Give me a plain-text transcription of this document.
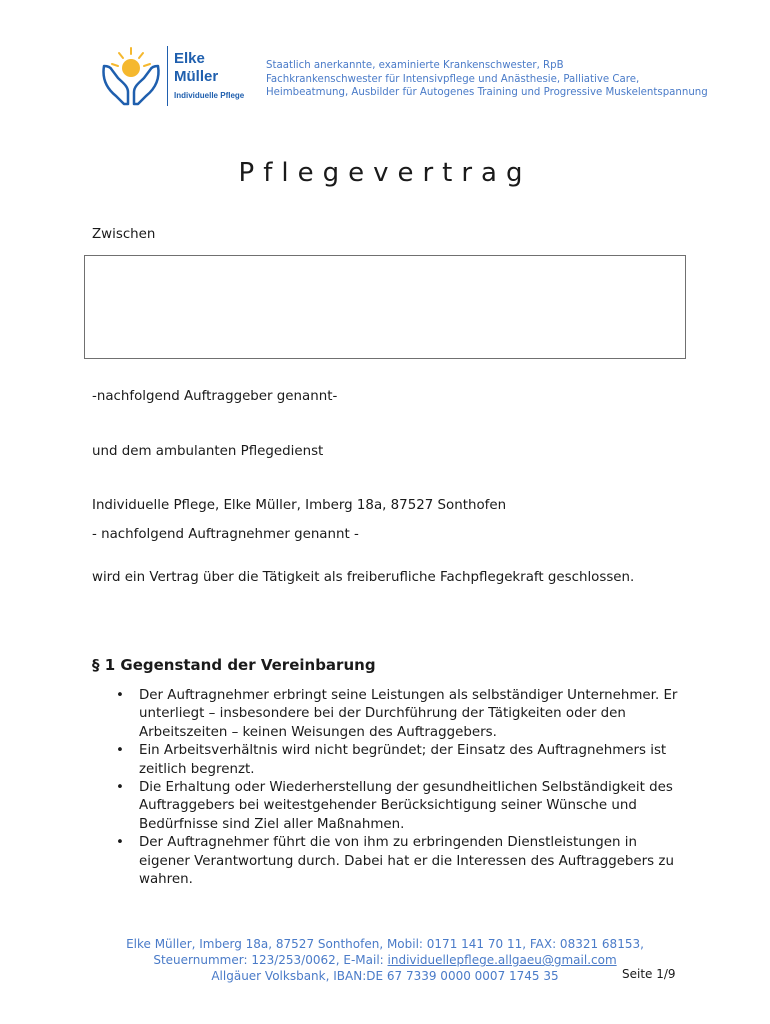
Elke
Müller
Individuelle Pflege
Staatlich anerkannte, examinierte Krankenschwester, RpB
Fachkrankenschwester für Intensivpflege und Anästhesie, Palliative Care,
Heimbeatmung, Ausbilder für Autogenes Training und Progressive Muskelentspannung
Pflegevertrag
Zwischen
-nachfolgend Auftraggeber genannt-
und dem ambulanten Pflegedienst
Individuelle Pflege, Elke Müller, Imberg 18a, 87527 Sonthofen
- nachfolgend Auftragnehmer genannt -
wird ein Vertrag über die Tätigkeit als freiberufliche Fachpflegekraft geschlossen.
§ 1 Gegenstand der Vereinbarung
• Der Auftragnehmer erbringt seine Leistungen als selbständiger Unternehmer. Er unterliegt – insbesondere bei der Durchführung der Tätigkeiten oder den Arbeitszeiten – keinen Weisungen des Auftraggebers.
• Ein Arbeitsverhältnis wird nicht begründet; der Einsatz des Auftragnehmers ist zeitlich begrenzt.
• Die Erhaltung oder Wiederherstellung der gesundheitlichen Selbständigkeit des Auftraggebers bei weitestgehender Berücksichtigung seiner Wünsche und Bedürfnisse sind Ziel aller Maßnahmen.
• Der Auftragnehmer führt die von ihm zu erbringenden Dienstleistungen in eigener Verantwortung durch. Dabei hat er die Interessen des Auftraggebers zu wahren.
Elke Müller, Imberg 18a, 87527 Sonthofen, Mobil: 0171 141 70 11, FAX: 08321 68153,
Steuernummer: 123/253/0062, E-Mail: individuellepflege.allgaeu@gmail.com
Allgäuer Volksbank, IBAN:DE 67 7339 0000 0007 1745 35	Seite 1/9
